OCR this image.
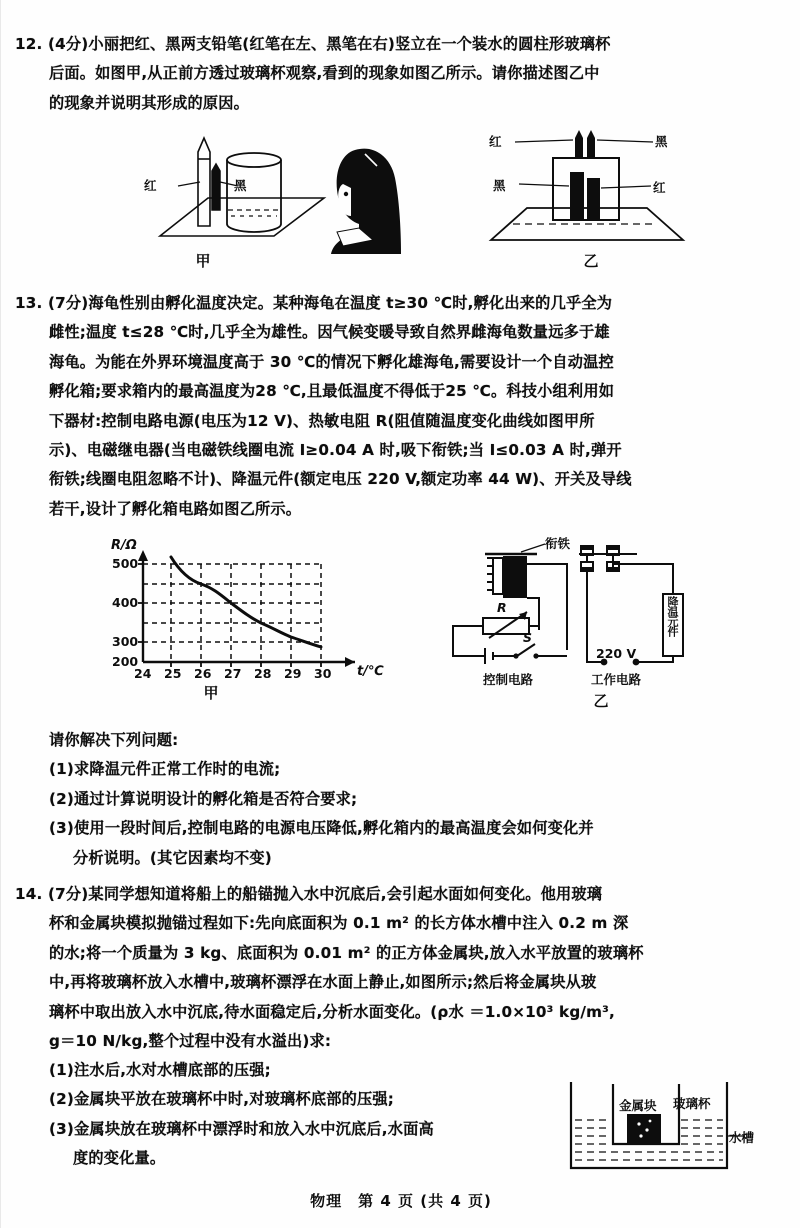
12. (4分)小丽把红、黑两支铅笔(红笔在左、黑笔在右)竖立在一个装水的圆柱形玻璃杯
后面。如图甲,从正前方透过玻璃杯观察,看到的现象如图乙所示。请你描述图乙中
的现象并说明其形成的原因。
红	黑
甲
红	黑
黑	红
乙
13. (7分)海龟性别由孵化温度决定。某种海龟在温度 t≥30 ℃时,孵化出来的几乎全为
雌性;温度 t≤28 ℃时,几乎全为雄性。因气候变暖导致自然界雌海龟数量远多于雄
海龟。为能在外界环境温度高于 30 ℃的情况下孵化雄海龟,需要设计一个自动温控
孵化箱;要求箱内的最高温度为28 ℃,且最低温度不得低于25 ℃。科技小组利用如
下器材:控制电路电源(电压为12 V)、热敏电阻 R(阻值随温度变化曲线如图甲所
示)、电磁继电器(当电磁铁线圈电流 I≥0.04 A 时,吸下衔铁;当 I≤0.03 A 时,弹开
衔铁;线圈电阻忽略不计)、降温元件(额定电压 220 V,额定功率 44 W)、开关及导线
若干,设计了孵化箱电路如图乙所示。
R/Ω
t/℃
500
400
300
200
24 25 26 27 28 29 30
甲
衔铁
R
S
降温元件
220 V
控制电路	工作电路
乙
请你解决下列问题:
(1)求降温元件正常工作时的电流;
(2)通过计算说明设计的孵化箱是否符合要求;
(3)使用一段时间后,控制电路的电源电压降低,孵化箱内的最高温度会如何变化并
分析说明。(其它因素均不变)
14. (7分)某同学想知道将船上的船锚抛入水中沉底后,会引起水面如何变化。他用玻璃
杯和金属块模拟抛锚过程如下:先向底面积为 0.1 m² 的长方体水槽中注入 0.2 m 深
的水;将一个质量为 3 kg、底面积为 0.01 m² 的正方体金属块,放入水平放置的玻璃杯
中,再将玻璃杯放入水槽中,玻璃杯漂浮在水面上静止,如图所示;然后将金属块从玻
璃杯中取出放入水中沉底,待水面稳定后,分析水面变化。(ρ水 ＝1.0×10³ kg/m³,
g＝10 N/kg,整个过程中没有水溢出)求:
(1)注水后,水对水槽底部的压强;
(2)金属块平放在玻璃杯中时,对玻璃杯底部的压强;
(3)金属块放在玻璃杯中漂浮时和放入水中沉底后,水面高
度的变化量。
金属块 玻璃杯
水槽
物理　第 4 页 (共 4 页)
